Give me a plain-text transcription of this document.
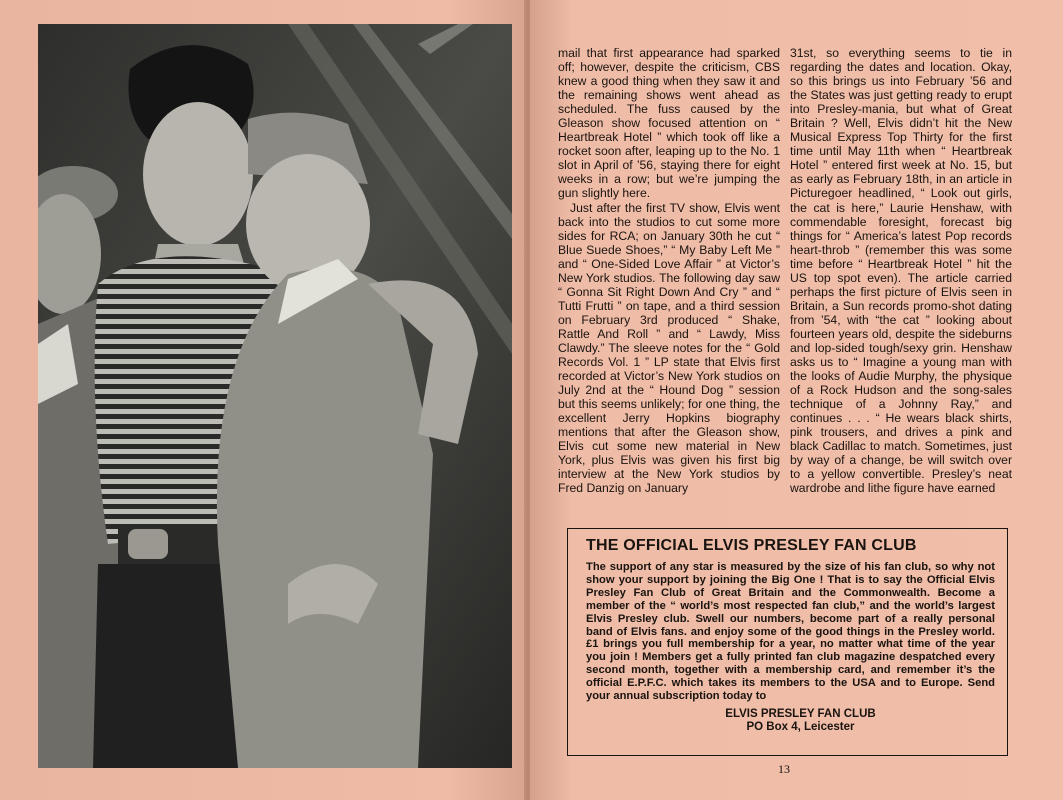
mail that first appearance had sparked off; however, despite the criticism, CBS knew a good thing when they saw it and the remaining shows went ahead as scheduled. The fuss caused by the Gleason show focused attention on “ Heartbreak Hotel ” which took off like a rocket soon after, leaping up to the No. 1 slot in April of ’56, staying there for eight weeks in a row; but we’re jumping the gun slightly here.

Just after the first TV show, Elvis went back into the studios to cut some more sides for RCA; on January 30th he cut “ Blue Suede Shoes,” “ My Baby Left Me ” and “ One-Sided Love Affair ” at Victor’s New York studios. The following day saw “ Gonna Sit Right Down And Cry ” and “ Tutti Frutti ” on tape, and a third session on February 3rd produced “ Shake, Rattle And Roll ” and “ Lawdy, Miss Clawdy.” The sleeve notes for the “ Gold Records Vol. 1 ” LP state that Elvis first recorded at Victor’s New York studios on July 2nd at the “ Hound Dog ” session but this seems unlikely; for one thing, the excellent Jerry Hopkins biography mentions that after the Gleason show, Elvis cut some new material in New York, plus Elvis was given his first big interview at the New York studios by Fred Danzig on January

31st, so everything seems to tie in regarding the dates and location. Okay, so this brings us into February ’56 and the States was just getting ready to erupt into Presley-mania, but what of Great Britain ? Well, Elvis didn’t hit the New Musical Express Top Thirty for the first time until May 11th when “ Heartbreak Hotel ” entered first week at No. 15, but as early as February 18th, in an article in Picturegoer headlined, “ Look out girls, the cat is here,” Laurie Henshaw, with commendable foresight, forecast big things for “ America’s latest Pop records heart-throb ” (remember this was some time before “ Heartbreak Hotel ” hit the US top spot even). The article carried perhaps the first picture of Elvis seen in Britain, a Sun records promo-shot dating from ’54, with “the cat ” looking about fourteen years old, despite the sideburns and lop-sided tough/sexy grin. Henshaw asks us to “ Imagine a young man with the looks of Audie Murphy, the physique of a Rock Hudson and the song-sales technique of a Johnny Ray,” and continues . . . “ He wears black shirts, pink trousers, and drives a pink and black Cadillac to match. Sometimes, just by way of a change, be will switch over to a yellow convertible. Presley’s neat wardrobe and lithe figure have earned

THE OFFICIAL ELVIS PRESLEY FAN CLUB

The support of any star is measured by the size of his fan club, so why not show your support by joining the Big One ! That is to say the Official Elvis Presley Fan Club of Great Britain and the Commonwealth. Become a member of the “ world’s most respected fan club,” and the world’s largest Elvis Presley club. Swell our numbers, become part of a really personal band of Elvis fans. and enjoy some of the good things in the Presley world. £1 brings you full membership for a year, no matter what time of the year you join ! Members get a fully printed fan club magazine despatched every second month, together with a membership card, and remember it’s the official E.P.F.C. which takes its members to the USA and to Europe. Send your annual subscription today to

ELVIS PRESLEY FAN CLUB
PO Box 4, Leicester
13
